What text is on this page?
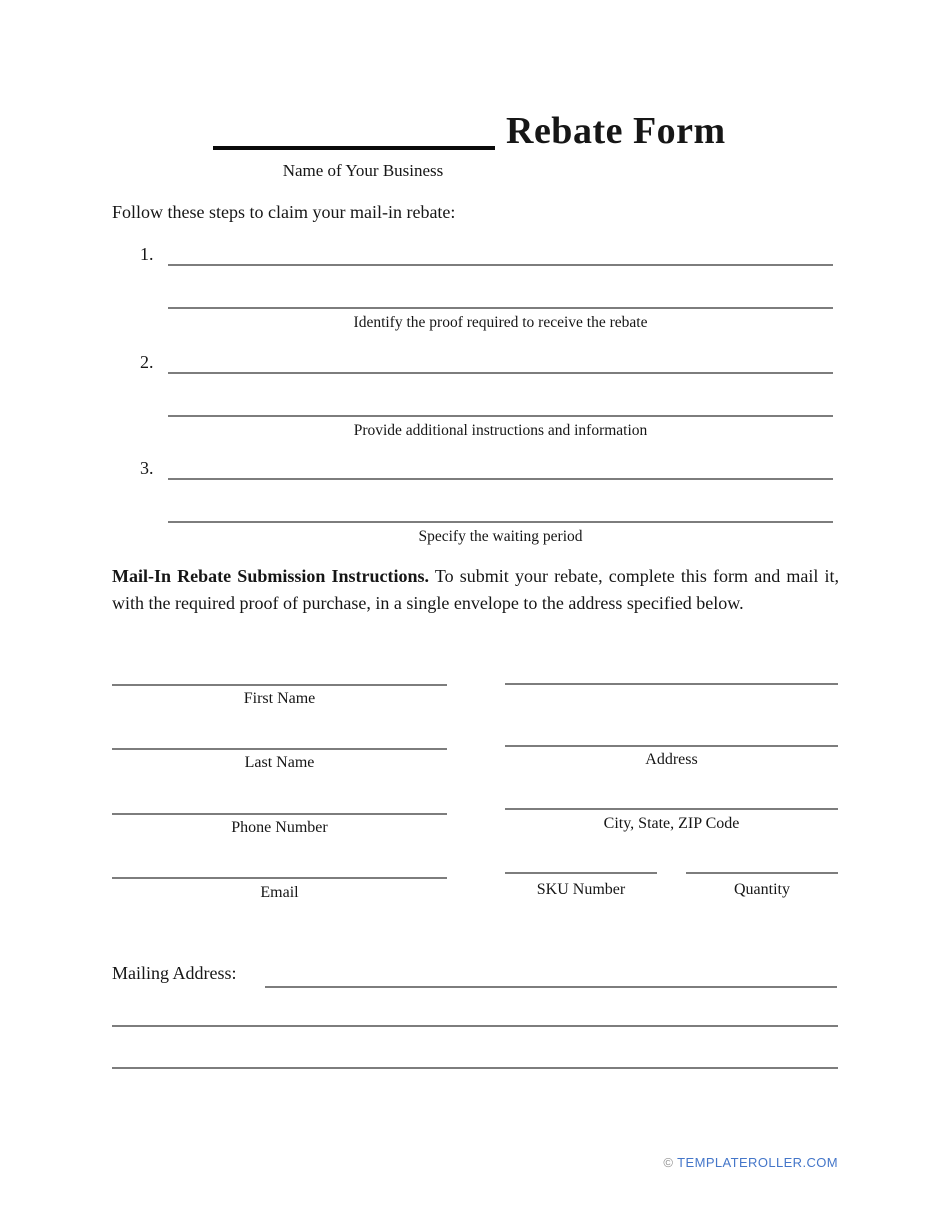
Rebate Form
Name of Your Business

Follow these steps to claim your mail-in rebate:

1.
Identify the proof required to receive the rebate
2.
Provide additional instructions and information
3.
Specify the waiting period

Mail-In Rebate Submission Instructions. To submit your rebate, complete this form and mail it, with the required proof of purchase, in a single envelope to the address specified below.

First Name
Last Name
Phone Number
Email
Address
City, State, ZIP Code
SKU Number	Quantity
Mailing Address:
© TEMPLATEROLLER.COM
